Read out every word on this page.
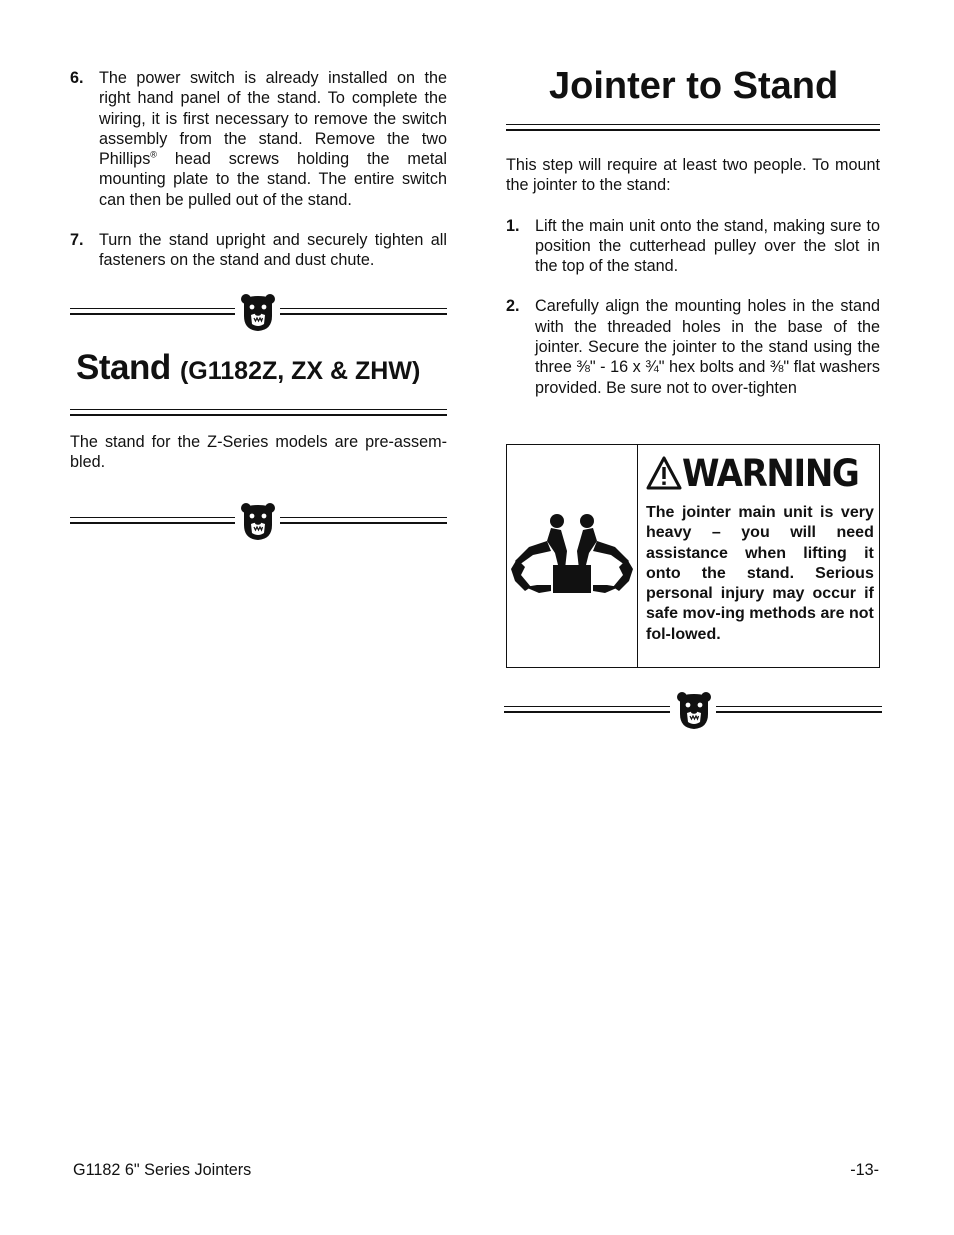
6. The power switch is already installed on the right hand panel of the stand. To complete the wiring, it is first necessary to remove the switch assembly from the stand. Remove the two Phillips® head screws holding the metal mounting plate to the stand. The entire switch can then be pulled out of the stand.
7. Turn the stand upright and securely tighten all fasteners on the stand and dust chute.

Stand (G1182Z, ZX & ZHW)

The stand for the Z-Series models are pre-assem-bled.

Jointer to Stand

This step will require at least two people. To mount the jointer to the stand:
1. Lift the main unit onto the stand, making sure to position the cutterhead pulley over the slot in the top of the stand.
2. Carefully align the mounting holes in the stand with the threaded holes in the base of the jointer. Secure the jointer to the stand using the three ⅜" - 16 x ¾" hex bolts and ⅜" flat washers provided. Be sure not to over-tighten
WARNING
The jointer main unit is very heavy – you will need assistance when lifting it onto the stand. Serious personal injury may occur if safe mov-ing methods are not fol-lowed.
G1182 6" Series Jointers	-13-
